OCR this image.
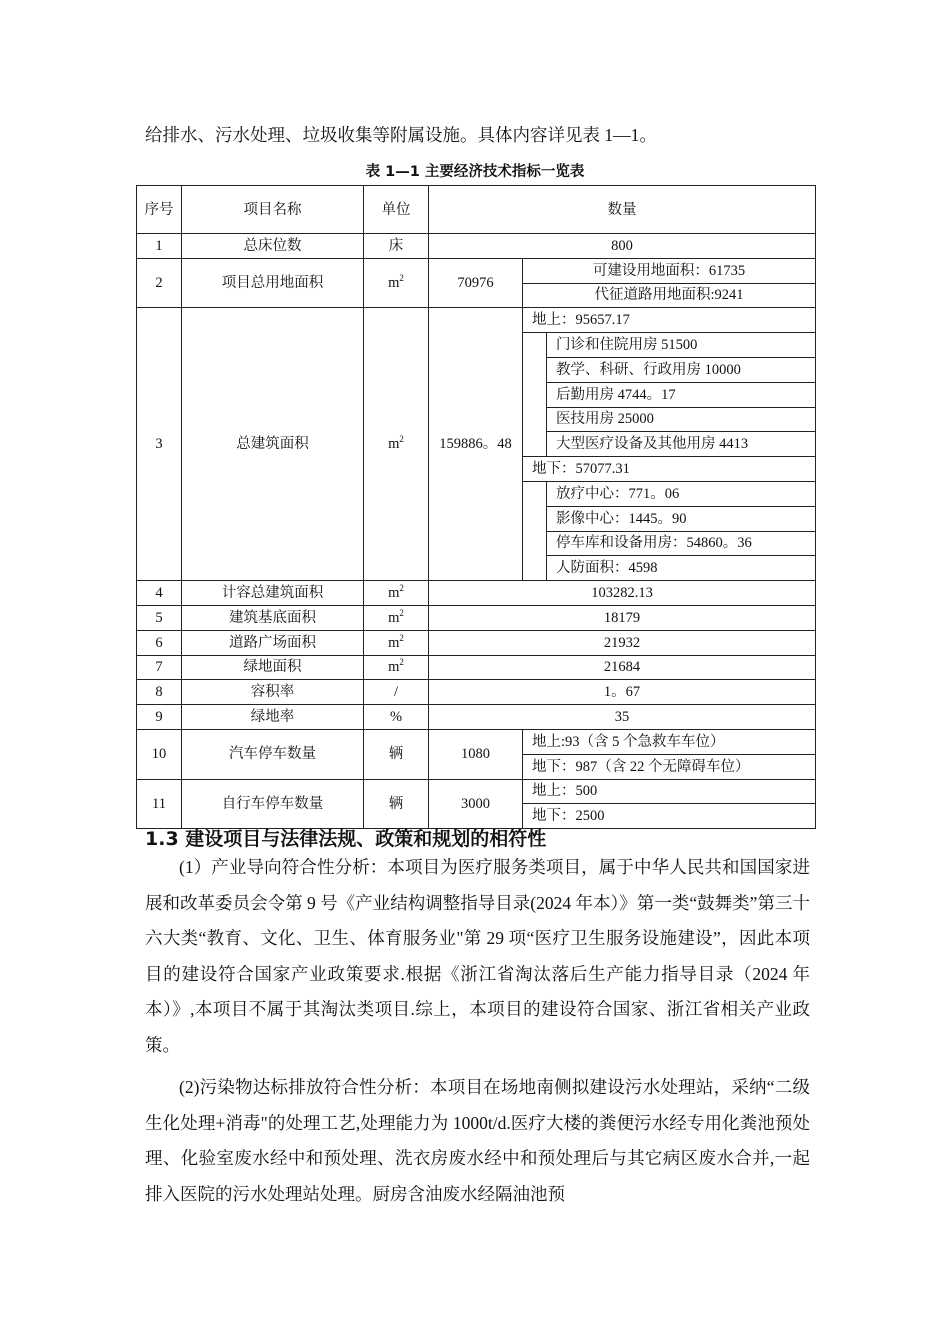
给排水、污水处理、垃圾收集等附属设施。具体内容详见表 1—1。

表 1—1 主要经济技术指标一览表
序号	项目名称	单位	数量		
1	总床位数	床	800		
2	项目总用地面积	$m^2$	70976	可建设用地面积：61735	
				代征道路用地面积:9241	
3	总建筑面积	$m^2$	159886。48	地上：95657.17	
					门诊和住院用房 51500
					教学、科研、行政用房 10000
					后勤用房 4744。17
					医技用房 25000
					大型医疗设备及其他用房 4413
				地下：57077.31	
					放疗中心：771。06
					影像中心：1445。90
					停车库和设备用房：54860。36
					人防面积：4598
4	计容总建筑面积	$m^2$	103282.13		
5	建筑基底面积	$m^2$	18179		
6	道路广场面积	$m^2$	21932		
7	绿地面积	$m^2$	21684		
8	容积率	/	1。67		
9	绿地率	%	35		
10	汽车停车数量	辆	1080	地上:93（含 5 个急救车车位）	
				地下：987（含 22 个无障碍车位）	
11	自行车停车数量	辆	3000	地上：500	
				地下：2500	
1.3 建设项目与法律法规、政策和规划的相符性

(1）产业导向符合性分析：本项目为医疗服务类项目，属于中华人民共和国国家进展和改革委员会令第 9 号《产业结构调整指导目录(2024 年本）》第一类“鼓舞类”第三十六大类“教育、文化、卫生、体育服务业"第 29 项“医疗卫生服务设施建设”，因此本项目的建设符合国家产业政策要求.根据《浙江省淘汰落后生产能力指导目录（2024 年本）》,本项目不属于其淘汰类项目.综上，本项目的建设符合国家、浙江省相关产业政策。

(2)污染物达标排放符合性分析：本项目在场地南侧拟建设污水处理站，采纳“二级生化处理+消毒"的处理工艺,处理能力为 1000t/d.医疗大楼的粪便污水经专用化粪池预处理、化验室废水经中和预处理、洗衣房废水经中和预处理后与其它病区废水合并,一起排入医院的污水处理站处理。厨房含油废水经隔油池预
